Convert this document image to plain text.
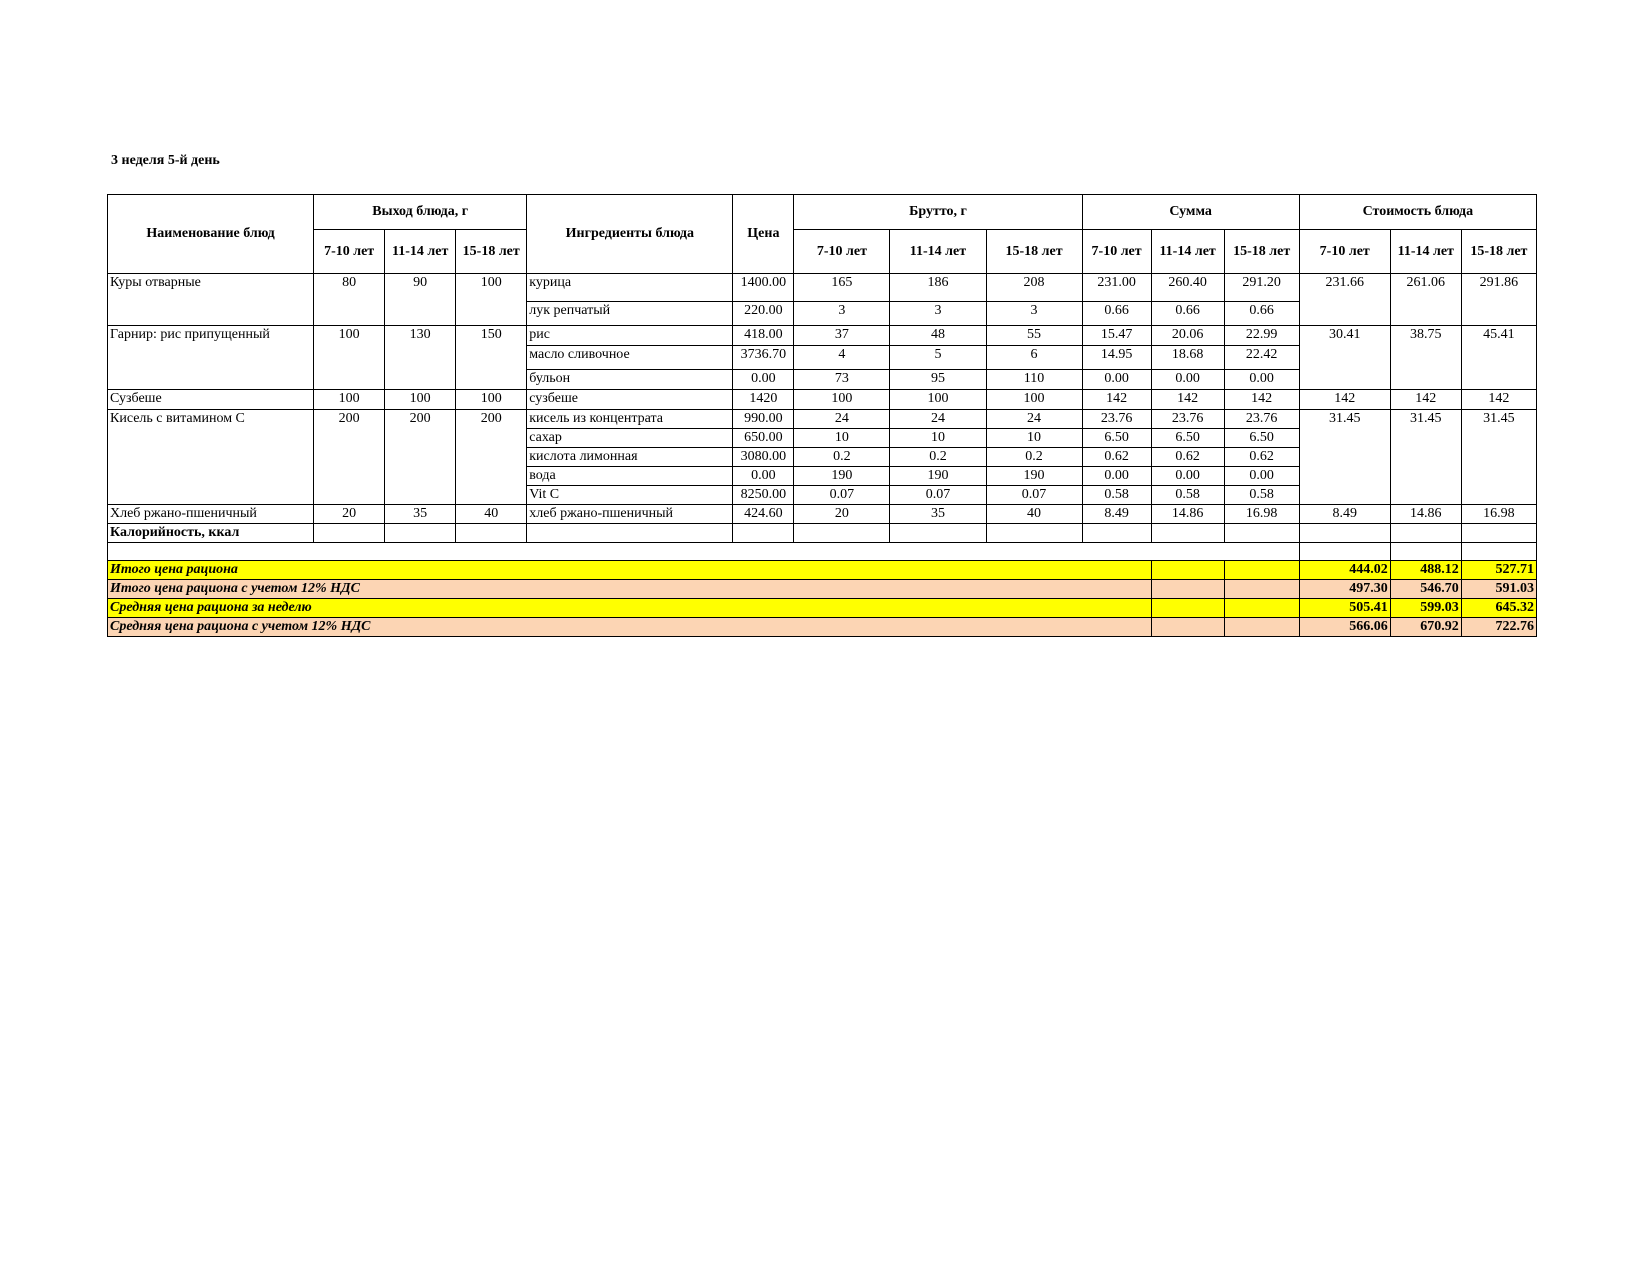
3 неделя 5-й день
Наименование блюд	Выход блюда, г			Ингредиенты блюда	Цена	Брутто, г			Сумма			Стоимость блюда		
	7-10 лет	11-14 лет	15-18 лет			7-10 лет	11-14 лет	15-18 лет	7-10 лет	11-14 лет	15-18 лет	7-10 лет	11-14 лет	15-18 лет
Куры отварные	80	90	100	курица	1400.00	165	186	208	231.00	260.40	291.20	231.66	261.06	291.86
				лук репчатый	220.00	3	3	3	0.66	0.66	0.66			
Гарнир: рис припущенный	100	130	150	рис	418.00	37	48	55	15.47	20.06	22.99	30.41	38.75	45.41
				масло сливочное	3736.70	4	5	6	14.95	18.68	22.42			
				бульон	0.00	73	95	110	0.00	0.00	0.00			
Сузбеше	100	100	100	сузбеше	1420	100	100	100	142	142	142	142	142	142
Кисель с витамином С	200	200	200	кисель из концентрата	990.00	24	24	24	23.76	23.76	23.76	31.45	31.45	31.45
				сахар	650.00	10	10	10	6.50	6.50	6.50			
				кислота лимонная	3080.00	0.2	0.2	0.2	0.62	0.62	0.62			
				вода	0.00	190	190	190	0.00	0.00	0.00			
				Vit C	8250.00	0.07	0.07	0.07	0.58	0.58	0.58			
Хлеб ржано-пшеничный	20	35	40	хлеб ржано-пшеничный	424.60	20	35	40	8.49	14.86	16.98	8.49	14.86	16.98
Калорийность, ккал														

Итого цена рациона												444.02	488.12	527.71
Итого цена рациона с учетом 12% НДС												497.30	546.70	591.03
Средняя цена рациона за неделю												505.41	599.03	645.32
Средняя цена рациона с учетом 12% НДС												566.06	670.92	722.76
